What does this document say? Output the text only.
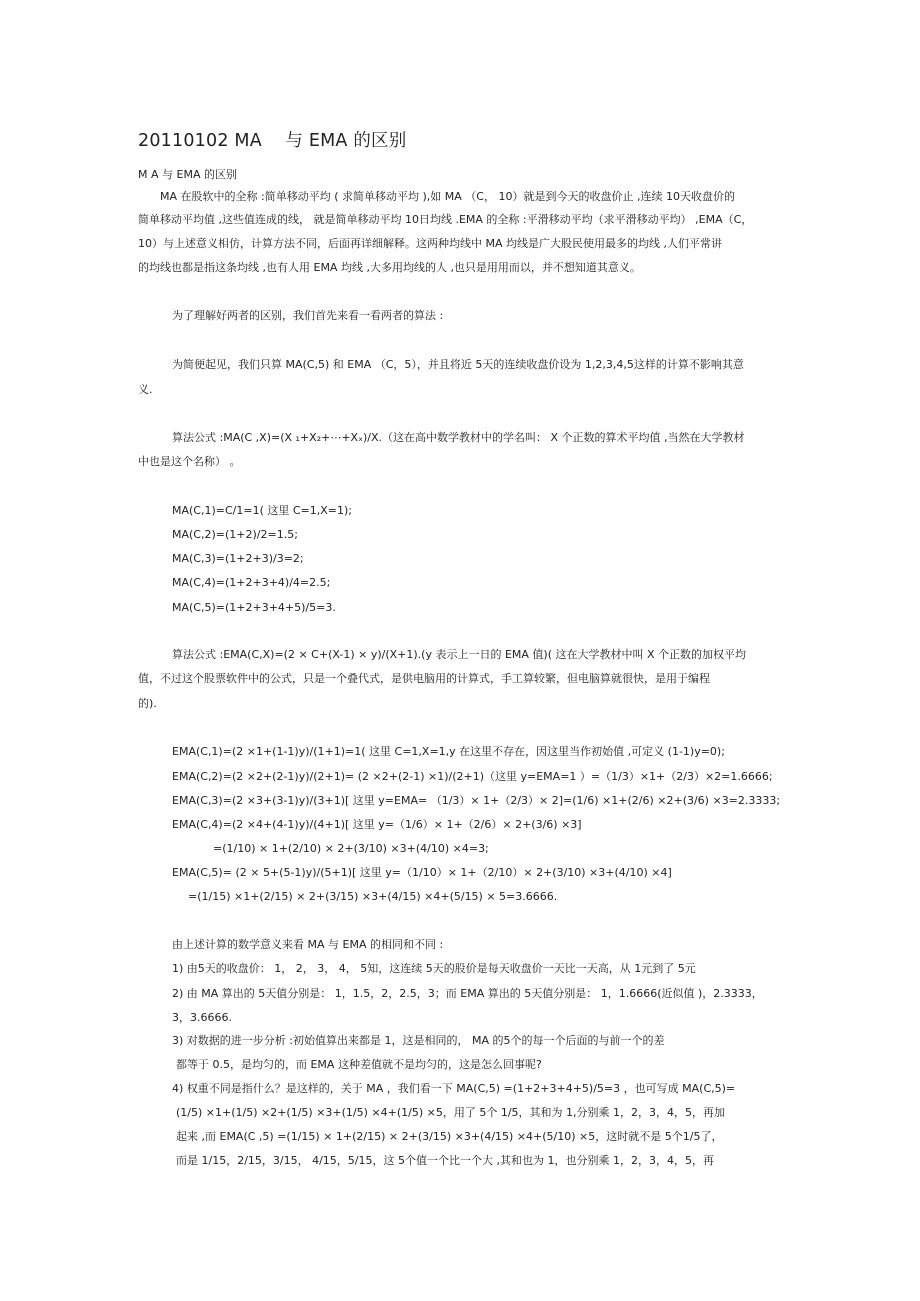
20110102 MA　 与 EMA 的区别
M A 与 EMA 的区别
　　MA 在股软中的全称 :简单移动平均 ( 求简单移动平均 ),如 MA （C， 10）就是到今天的收盘价止 ,连续 10天收盘价的
简单移动平均值 ,这些值连成的线， 就是简单移动平均 10日均线 .EMA 的全称 :平滑移动平均（求平滑移动平均） ,EMA（C，
10）与上述意义相仿，计算方法不同，后面再详细解释。这两种均线中 MA 均线是广大股民使用最多的均线 ,人们平常讲
的均线也都是指这条均线 ,也有人用 EMA 均线 ,大多用均线的人 ,也只是用用而以，并不想知道其意义。
为了理解好两者的区别，我们首先来看一看两者的算法 :
为简便起见，我们只算 MA(C,5) 和 EMA （C，5），并且将近 5天的连续收盘价设为 1,2,3,4,5这样的计算不影响其意
义.
算法公式 :MA(C ,X)=(X ₁+X₂+⋯+Xₓ)/X.（这在高中数学教材中的学名叫： X 个正数的算术平均值 ,当然在大学教材
中也是这个名称） 。
MA(C,1)=C/1=1( 这里 C=1,X=1);
MA(C,2)=(1+2)/2=1.5;
MA(C,3)=(1+2+3)/3=2;
MA(C,4)=(1+2+3+4)/4=2.5;
MA(C,5)=(1+2+3+4+5)/5=3.
算法公式 :EMA(C,X)=(2 × C+(X-1) × y)/(X+1).(y 表示上一日的 EMA 值)( 这在大学教材中叫 X 个正数的加权平均
值，不过这个股票软件中的公式，只是一个叠代式，是供电脑用的计算式，手工算较繁，但电脑算就很快，是用于编程
的).
EMA(C,1)=(2 ×1+(1-1)y)/(1+1)=1( 这里 C=1,X=1,y 在这里不存在，因这里当作初始值 ,可定义 (1-1)y=0);
EMA(C,2)=(2 ×2+(2-1)y)/(2+1)= (2 ×2+(2-1) ×1)/(2+1)（这里 y=EMA=1 ）=（1/3）×1+（2/3）×2=1.6666;
EMA(C,3)=(2 ×3+(3-1)y)/(3+1)[ 这里 y=EMA= （1/3）× 1+（2/3）× 2]=(1/6) ×1+(2/6) ×2+(3/6) ×3=2.3333;
EMA(C,4)=(2 ×4+(4-1)y)/(4+1)[ 这里 y=（1/6）× 1+（2/6）× 2+(3/6) ×3]
=(1/10) × 1+(2/10) × 2+(3/10) ×3+(4/10) ×4=3;
EMA(C,5)= (2 × 5+(5-1)y)/(5+1)[ 这里 y=（1/10）× 1+（2/10）× 2+(3/10) ×3+(4/10) ×4]
=(1/15) ×1+(2/15) × 2+(3/15) ×3+(4/15) ×4+(5/15) × 5=3.6666.
由上述计算的数学意义来看 MA 与 EMA 的相同和不同 :
1) 由5天的收盘价： 1， 2， 3， 4， 5知，这连续 5天的股价是每天收盘价一天比一天高，从 1元到了 5元
2) 由 MA 算出的 5天值分别是： 1，1.5，2，2.5，3；而 EMA 算出的 5天值分别是： 1，1.6666(近似值 )，2.3333，
3，3.6666.
3) 对数据的进一步分析 :初始值算出来都是 1，这是相同的， MA 的5个的每一个后面的与前一个的差
都等于 0.5，是均匀的，而 EMA 这种差值就不是均匀的，这是怎么回事呢?
4) 权重不同是指什么？是这样的，关于 MA ，我们看一下 MA(C,5) =(1+2+3+4+5)/5=3 ，也可写成 MA(C,5)=
(1/5) ×1+(1/5) ×2+(1/5) ×3+(1/5) ×4+(1/5) ×5，用了 5个 1/5，其和为 1,分别乘 1，2，3，4，5，再加
起来 ,而 EMA(C ,5) =(1/15) × 1+(2/15) × 2+(3/15) ×3+(4/15) ×4+(5/10) ×5，这时就不是 5个1/5了，
而是 1/15，2/15，3/15， 4/15，5/15，这 5个值一个比一个大 ,其和也为 1，也分别乘 1，2，3，4，5，再
